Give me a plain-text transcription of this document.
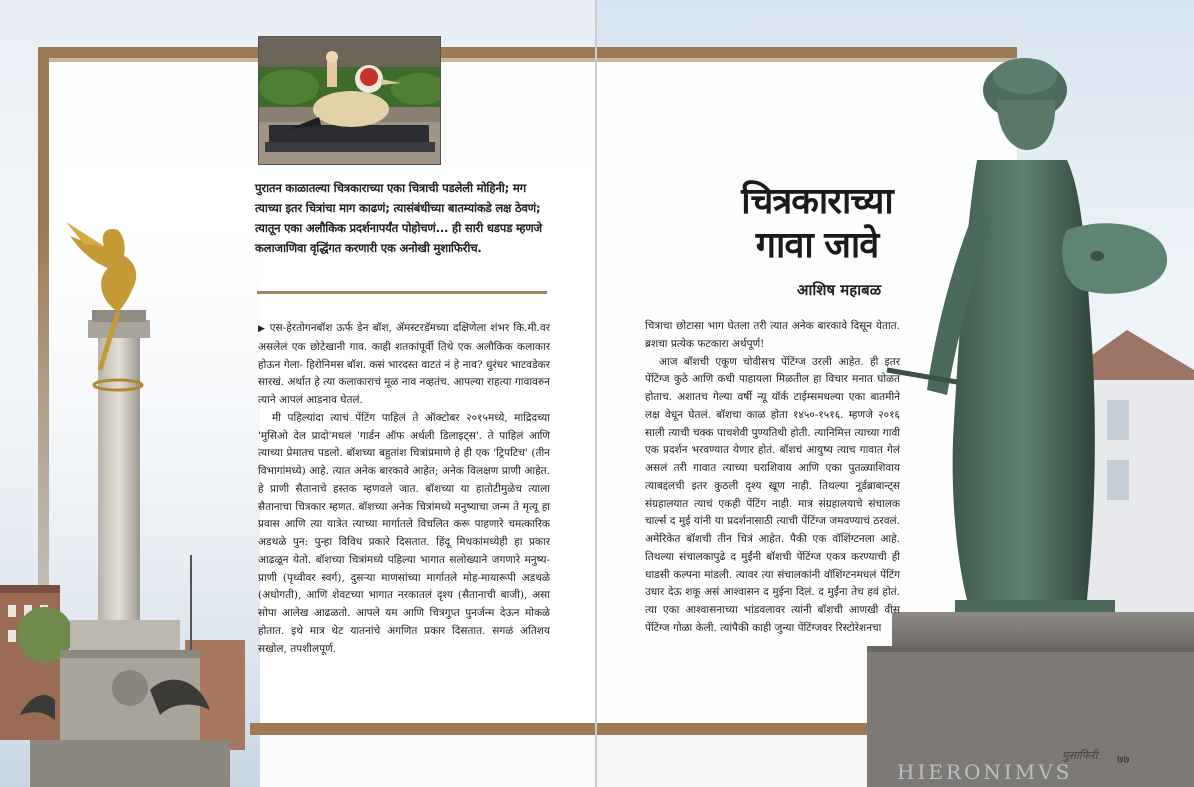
पुरातन काळातल्या चित्रकाराच्या एका चित्राची पडलेली मोहिनी; मग त्याच्या इतर चित्रांचा माग काढणं; त्यासंबंधीच्या बातम्यांकडे लक्ष ठेवणं; त्यातून एका अलौकिक प्रदर्शनापर्यंत पोहोचणं... ही सारी धडपड म्हणजे कलाजाणिवा वृद्धिंगत करणारी एक अनोखी मुशाफिरीच.

▶ एस-हेरतोगनबॉश ऊर्फ डेन बॉश, ॲमस्टरडॅमच्या दक्षिणेला शंभर कि.मी.वर असलेलं एक छोटेखानी गाव. काही शतकांपूर्वी तिथे एक अलौकिक कलाकार होऊन गेला- हिरोनिमस बॉश. कसं भारदस्त वाटतं नं हे नाव? धुरंधर भाटवडेकर सारखं. अर्थात हे त्या कलाकाराचं मूळ नाव नव्हतंच. आपल्या राहत्या गावावरुन त्याने आपलं आडनाव घेतलं.

मी पहिल्यांदा त्याचं पेंटिंग पाहिलं ते ऑक्टोबर २०१५मध्ये, माद्रिदच्या 'मुसिओ देल प्रादो'मधलं 'गार्डन ऑफ अर्थली डिलाइट्स'. ते पाहिलं आणि त्याच्या प्रेमातच पडलो. बॉशच्या बहुतांश चित्रांप्रमाणे हे ही एक 'ट्रिपटिच' (तीन विभागांमध्ये) आहे. त्यात अनेक बारकावे आहेत; अनेक विलक्षण प्राणी आहेत. हे प्राणी सैतानाचे हस्तक म्हणवले जात. बॉशच्या या हातोटीमुळेच त्याला सैतानाचा चित्रकार म्हणत. बॉशच्या अनेक चित्रांमध्ये मनुष्याचा जन्म ते मृत्यू हा प्रवास आणि त्या यात्रेत त्याच्या मार्गातले विचलित करू पाहणारे चमत्कारिक अडथळे पुन: पुन्हा विविध प्रकारे दिसतात. हिंदू मिथकांमध्येही हा प्रकार आढळून येतो. बॉशच्या चित्रांमध्ये पहिल्या भागात सलोख्याने जगणारे मनुष्य-प्राणी (पृथ्वीवर स्वर्ग), दुसऱ्या माणसांच्या मार्गातले मोह-मायारूपी अडथळे (अधोगती), आणि शेवटच्या भागात नरकातलं दृश्य (सैतानाची बाजी), असा सोपा आलेख आढळतो. आपले यम आणि चित्रगुप्त पुनर्जन्म देऊन मोकळे होतात. इथे मात्र थेट यातनांचे अगणित प्रकार दिसतात. सगळं अतिशय सखोल, तपशीलपूर्ण.

चित्रकाराच्या
गावा जावे

आशिष महाबळ

चित्राचा छोटासा भाग घेतला तरी त्यात अनेक बारकावे दिसून येतात. ब्रशचा प्रत्येक फटकारा अर्थपूर्ण!

आज बॉशची एकूण चोवीसच पेंटिंग्ज उरली आहेत. ही इतर पेंटिंग्ज कुठे आणि कधी पाहायला मिळतील हा विचार मनात घोळत होताच. अशातच गेल्या वर्षी न्यू यॉर्क टाईम्समधल्या एका बातमीने लक्ष वेधून घेतलं. बॉशचा काळ होता १४५०-१५१६. म्हणजे २०१६ साली त्याची चक्क पाचशेवी पुण्यतिथी होती. त्यानिमित्त त्याच्या गावी एक प्रदर्शन भरवण्यात येणार होतं. बॉशचं आयुष्य त्याच गावात गेलं असलं तरी गावात त्याच्या घराशिवाय आणि एका पुतळ्याशिवाय त्याबद्दलची इतर कुठली दृश्य खूण नाही. तिथल्या नूर्डब्राबान्ट्स संग्रहालयात त्याचं एकही पेंटिंग नाही. मात्र संग्रहालयाचे संचालक चार्ल्स द मुई यांनी या प्रदर्शनासाठी त्याची पेंटिंग्ज जमवण्याचं ठरवलं. अमेरिकेत बॉशची तीन चित्रं आहेत. पैकी एक वॉशिंग्टनला आहे. तिथल्या संचालकापुढे द मुईंनी बॉशची पेंटिंग्ज एकत्र करण्याची ही धाडसी कल्पना मांडली. त्यावर त्या संचालकांनी वॉशिंग्टनमधलं पेंटिंग उधार देऊ शकू असं आश्वासन द मुईना दिलं. द मुईंना तेच हवं होतं. त्या एका आश्वासनाच्या भांडवलावर त्यांनी बॉशची आणखी वीस पेंटिंग्ज गोळा केली. त्यांपैकी काही जुन्या पेंटिंग्जवर रिस्टोरेशनचा

HIERONIMVS
मुसाफिरी ७७
